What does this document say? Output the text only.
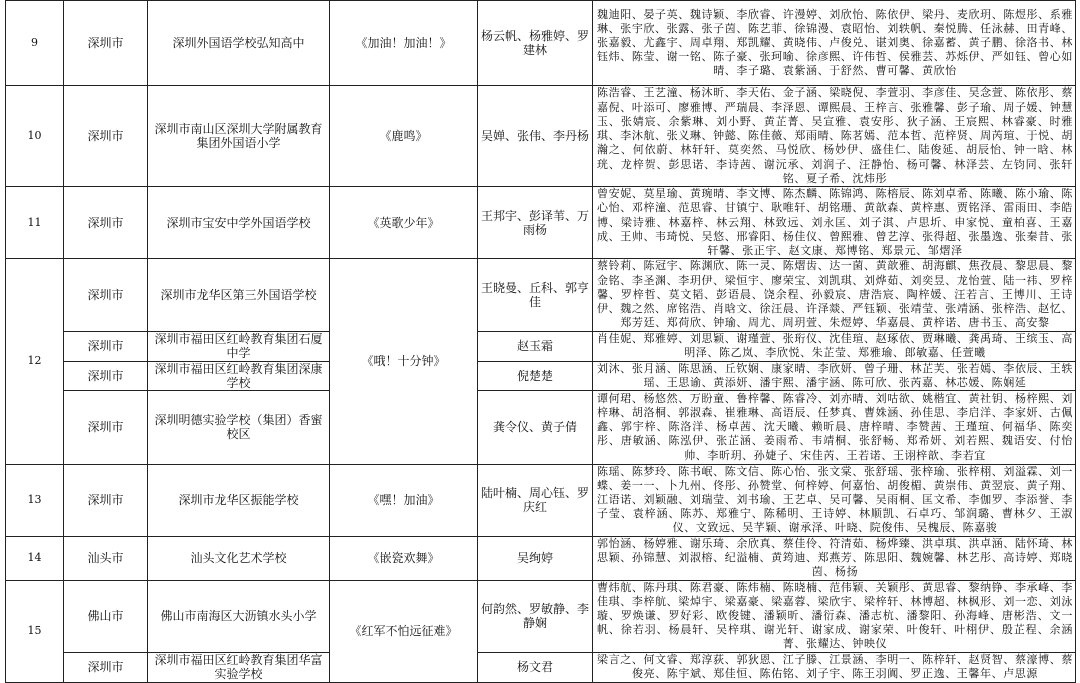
9	深圳市	深圳外国语学校弘知高中	《加油！加油！》	杨云帆、杨雅婷、罗建林	魏迪阳、晏子英、魏诗颖、李欣睿、许漫婷、刘欣怡、陈依伊、梁丹、麦欣玥、陈煜彤、系雅琳、张宇欣、张露、张子茵、陈艺菲、徐锦漫、袁昭怡、刘轶帆、秦悦腾、任泳赫、田青峰、张嘉毅、尤鑫宇、周卓翔、郑凯耀、黄晓伟、卢俊兑、谌刘奥、徐嘉蓄、黄子鹏、徐洛书、林钰炜、陈莹、谢一铭、陈子豪、张珂喻、徐彦熙、许伟哲、侯雅芸、苏烁伊、严如钰、曾心如晴、李子璐、袁紫涵、于舒然、曹可馨、黄欣怡
10	深圳市	深圳市南山区深圳大学附属教育集团外国语小学	《鹿鸣》	吴婵、张伟、李丹杨	陈浩睿、王艺潼、杨沐昕、李天佑、金子涵、梁晓倪、李萱羽、李彦佳、吴念萱、陈依彤、蔡嘉倪、叶添可、廖雅博、严瑞晨、李泽恩、谭熙晨、王梓言、张雅馨、彭子瑜、周子媛、钟慧玉、张婧宸、余紫琳、刘小野、黄芷菁、吴宣雅、袁安彤、狄子涵、王宸熙、林睿豪、时雅琪、李沐航、张义琳、钟懿、陈佳薇、郑雨晴、陈茗嫣、范本哲、范梓贤、周芮瑄、于悦、胡瀚之、何依蔚、林轩轩、莫奕然、马悦欣、杨妙伊、盛佳仁、陆俊延、胡辰怡、钟一晗、林珖、龙梓贺、彭思诺、李诗茜、谢沅承、刘润子、汪静怡、杨可馨、林泽芸、左钧同、张轩铭、夏子希、沈炜彤
11	深圳市	深圳市宝安中学外国语学校	《英歌少年》	王邦宇、彭译苇、万雨杨	曾安妮、莫星瑜、黄琬晴、李文博、陈杰麟、陈锦鸿、陈榕辰、陈刘卓希、陈曦、陈小瑜、陈心怡、邓梓潼、范思睿、甘镇宁、耿唯轩、胡铭珊、黄歆森、黄梓惠、贾铭泽、雷雨田、李皓博、梁诗雅、林嘉梓、林云翔、林致远、刘永匡、刘子淇、卢思圻、申家悦、童柏喜、王嘉成、王帅、韦琦悦、吴悠、邢睿阳、杨佳仪、曾熙雅、曾艺淳、张得超、张墨逸、张秦昔、张轩馨、张正宇、赵文康、郑博铭、郑景元、邹熠泽
12	深圳市	深圳市龙华区第三外国语学校	《哦！十分钟》	王晓曼、丘科、郭亨佳	蔡铃莉、陈冠宇、陈渊欣、陈一灵、陈熠齿、达一菌、黄歆雅、胡海麒、焦孜晨、黎思晨、黎金铭、李圣渊、李玥伊、梁恒宇、廖荣宝、刘凯琪、刘烨茹、刘奕昱、龙怡萱、陆一祎、罗梓馨、罗梓哲、莫文韬、彭语晨、饶余程、孙毅宸、唐浩宸、陶梓媛、汪若言、王博川、王诗伊、魏之然、席铭浩、肖晗文、徐汪晨、许泽燚、严钰颖、张靖莹、张靖涵、张梓浩、赵忆、郑芳廷、郑荷欣、钟瑜、周尤、周玥萱、朱煜婷、华嘉晨、黄梓诺、唐书玉、高安黎
	深圳市	深圳市福田区红岭教育集团石厦中学		赵玉霜	肖佳妮、郑雅婷、刘思颖、谢瑾萱、张珩仪、沈佳瑄、赵琢依、贾琳曦、龚禹琦、王缤玉、高明泽、陈乙岚、李欣悦、朱芷莹、郑雅瑜、郎敏嘉、任萱曦
	深圳市	深圳市福田区红岭教育集团深康学校		倪楚楚	刘沐、张月涵、陈思涵、丘钦娴、康家晴、李欣妍、曾子珊、林芷芙、张若嫣、李依辰、王轶瑶、王思谕、黄添妍、潘宇熙、潘宇涵、陈可欣、张芮嘉、林芯媛、陈娴延
	深圳市	深圳明德实验学校（集团）香蜜校区		龚令仪、黄子倩	谭何珺、杨悠然、万盼童、鲁梓馨、陈睿冷、刘亦晴、刘咕欲、姚楷宜、黄社钥、杨梓熙、刘梓琳、胡洛桐、郭淑森、崔雅琳、高语辰、任梦真、曹姝涵、孙佳思、李启洋、李家妍、古佩鑫、郭宇梓、陈洛洋、杨卓茜、沈天曦、赖昕晨、唐梓晴、李赞茜、王瑾瑄、何福华、陈奕彤、唐敏涵、陈泓伊、张芷涵、姜雨希、韦靖桐、张舒畅、郑希妍、刘若熙、魏语安、付怡帅、李昕玥、孙婕子、宋佳芮、王若诺、王诩梓歆、李若宜
13	深圳市	深圳市龙华区振能学校	《嘿！加油》	陆叶楠、周心钰、罗庆红	陈瑶、陈梦玲、陈书岷、陈文信、陈心怡、张文棠、张舒瑶、张梓瑜、张梓栩、刘溢霖、刘一蝶、姜一一、卜九州、佟彤、孙赞堂、何梓婷、何嘉怡、胡俊楣、黄崇伟、黄翌宸、黄子翔、江语诺、刘颖融、刘瑞莹、刘书瑜、王艺卓、吴可馨、吴雨桐、匡文希、李伽罗、李添誉、李子莹、袁梓涵、陈苏、郑雅宁、陈稀明、王诗婷、林顺凯、石卓巧、邹润璐、曹林夕、王淑仪、文致远、吴芊颖、谢承泽、叶晓、院俊伟、吴槐辰、陈嘉骏
14	汕头市	汕头文化艺术学校	《嵌瓷欢舞》	吴绚婷	郭怡涵、杨婷雅、谢乐琦、余欣真、蔡佳伶、符清茹、杨烨臻、洪卓琪、洪卓涵、陆怀琦、林思颖、孙锦慧、刘淑榕、纪溢楠、黄筠迪、郑燕芳、陈思阳、魏婉馨、林艺彤、高诗婷、郑晓茵、杨扬
15	佛山市	佛山市南海区大沥镇水头小学	《红军不怕远征难》	何韵然、罗敏静、李静娴	曹炜航、陈丹琪、陈君豪、陈炜楠、陈晓楠、范伟颖、关颖彤、黄思睿、黎纳铮、李承峰、李佳琪、李梓航、梁焯宇、梁嘉豪、梁嘉蓉、梁欣宇、梁梓轩、林博超、林枫形、刘一恋、刘泳璇、罗焕谦、罗好彩、欧俊键、潘颖昕、潘衍森、潘志杭、潘黎阳、孙海峰、唐彬浩、文一帆、徐若羽、杨晨轩、吴梓琪、谢光轩、谢家成、谢家荣、叶俊轩、叶栩伊、殷芷程、余涵菁、张耀达、钟映仪
	深圳市	深圳市福田区红岭教育集团华富实验学校		杨文君	梁言之、何文睿、郑淳荻、郭狄恩、江子滕、江景涵、李明一、陈梓轩、赵贤智、蔡濠博、蔡俊亮、陈宇斌、郑佳恒、陈佑铭、刘子宇、陈王羽阗、罗正逸、王馨年、卢思源
